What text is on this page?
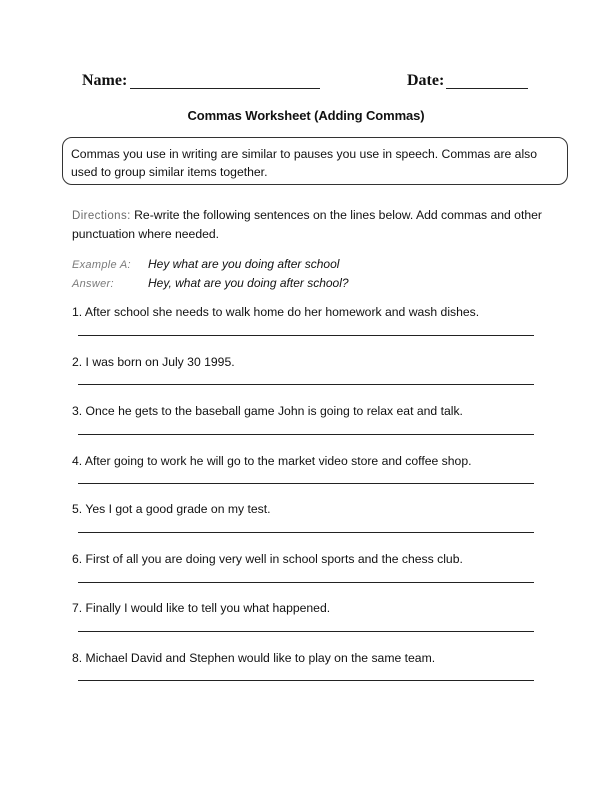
Name:	Date:
Commas Worksheet (Adding Commas)

Commas you use in writing are similar to pauses you use in speech. Commas are also used to group similar items together.

Directions: Re-write the following sentences on the lines below. Add commas and other punctuation where needed.

Example A: Hey what are you doing after school
Answer:	Hey, what are you doing after school?
1. After school she needs to walk home do her homework and wash dishes.
2. I was born on July 30 1995.
3. Once he gets to the baseball game John is going to relax eat and talk.
4. After going to work he will go to the market video store and coffee shop.
5. Yes I got a good grade on my test.
6. First of all you are doing very well in school sports and the chess club.
7. Finally I would like to tell you what happened.
8. Michael David and Stephen would like to play on the same team.
